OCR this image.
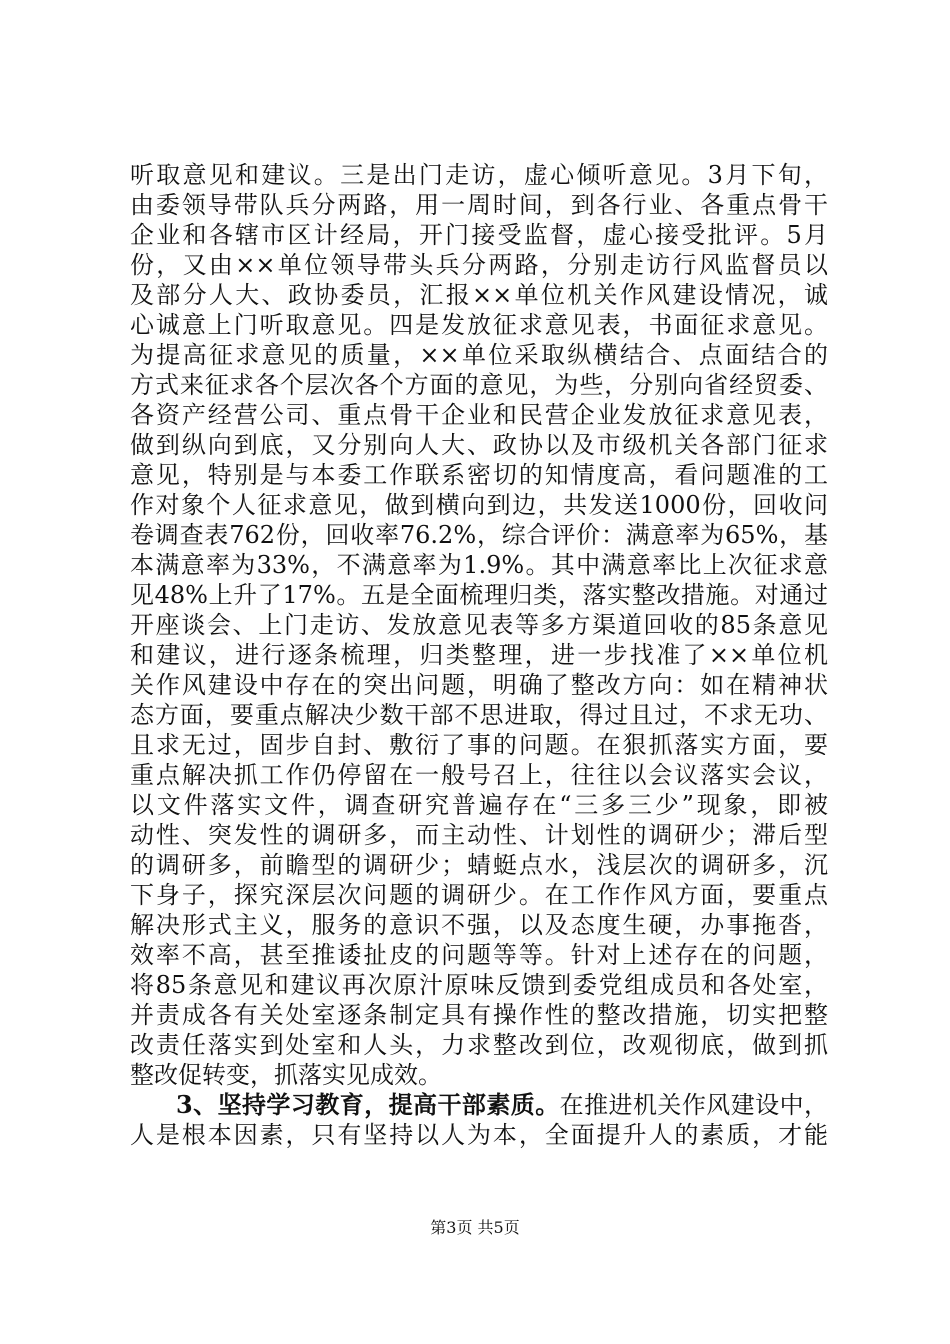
听取意见和建议。三是出门走访，虚心倾听意见。3月下旬，
由委领导带队兵分两路，用一周时间，到各行业、各重点骨干
企业和各辖市区计经局，开门接受监督，虚心接受批评。5月
份，又由××单位领导带头兵分两路，分别走访行风监督员以
及部分人大、政协委员，汇报××单位机关作风建设情况，诚
心诚意上门听取意见。四是发放征求意见表，书面征求意见。
为提高征求意见的质量，××单位采取纵横结合、点面结合的
方式来征求各个层次各个方面的意见，为些，分别向省经贸委、
各资产经营公司、重点骨干企业和民营企业发放征求意见表，
做到纵向到底，又分别向人大、政协以及市级机关各部门征求
意见，特别是与本委工作联系密切的知情度高，看问题准的工
作对象个人征求意见，做到横向到边，共发送1000份，回收问
卷调查表762份，回收率76.2%，综合评价：满意率为65%，基
本满意率为33%，不满意率为1.9%。其中满意率比上次征求意
见48%上升了17%。五是全面梳理归类，落实整改措施。对通过
开座谈会、上门走访、发放意见表等多方渠道回收的85条意见
和建议，进行逐条梳理，归类整理，进一步找准了××单位机
关作风建设中存在的突出问题，明确了整改方向：如在精神状
态方面，要重点解决少数干部不思进取，得过且过，不求无功、
且求无过，固步自封、敷衍了事的问题。在狠抓落实方面，要
重点解决抓工作仍停留在一般号召上，往往以会议落实会议，
以文件落实文件，调查研究普遍存在“三多三少”现象，即被
动性、突发性的调研多，而主动性、计划性的调研少；滞后型
的调研多，前瞻型的调研少；蜻蜓点水，浅层次的调研多，沉
下身子，探究深层次问题的调研少。在工作作风方面，要重点
解决形式主义，服务的意识不强，以及态度生硬，办事拖沓，
效率不高，甚至推诿扯皮的问题等等。针对上述存在的问题，
将85条意见和建议再次原汁原味反馈到委党组成员和各处室，
并责成各有关处室逐条制定具有操作性的整改措施，切实把整
改责任落实到处室和人头，力求整改到位，改观彻底，做到抓
整改促转变，抓落实见成效。
3、坚持学习教育，提高干部素质。在推进机关作风建设中，
人是根本因素，只有坚持以人为本，全面提升人的素质，才能
第3页 共5页
